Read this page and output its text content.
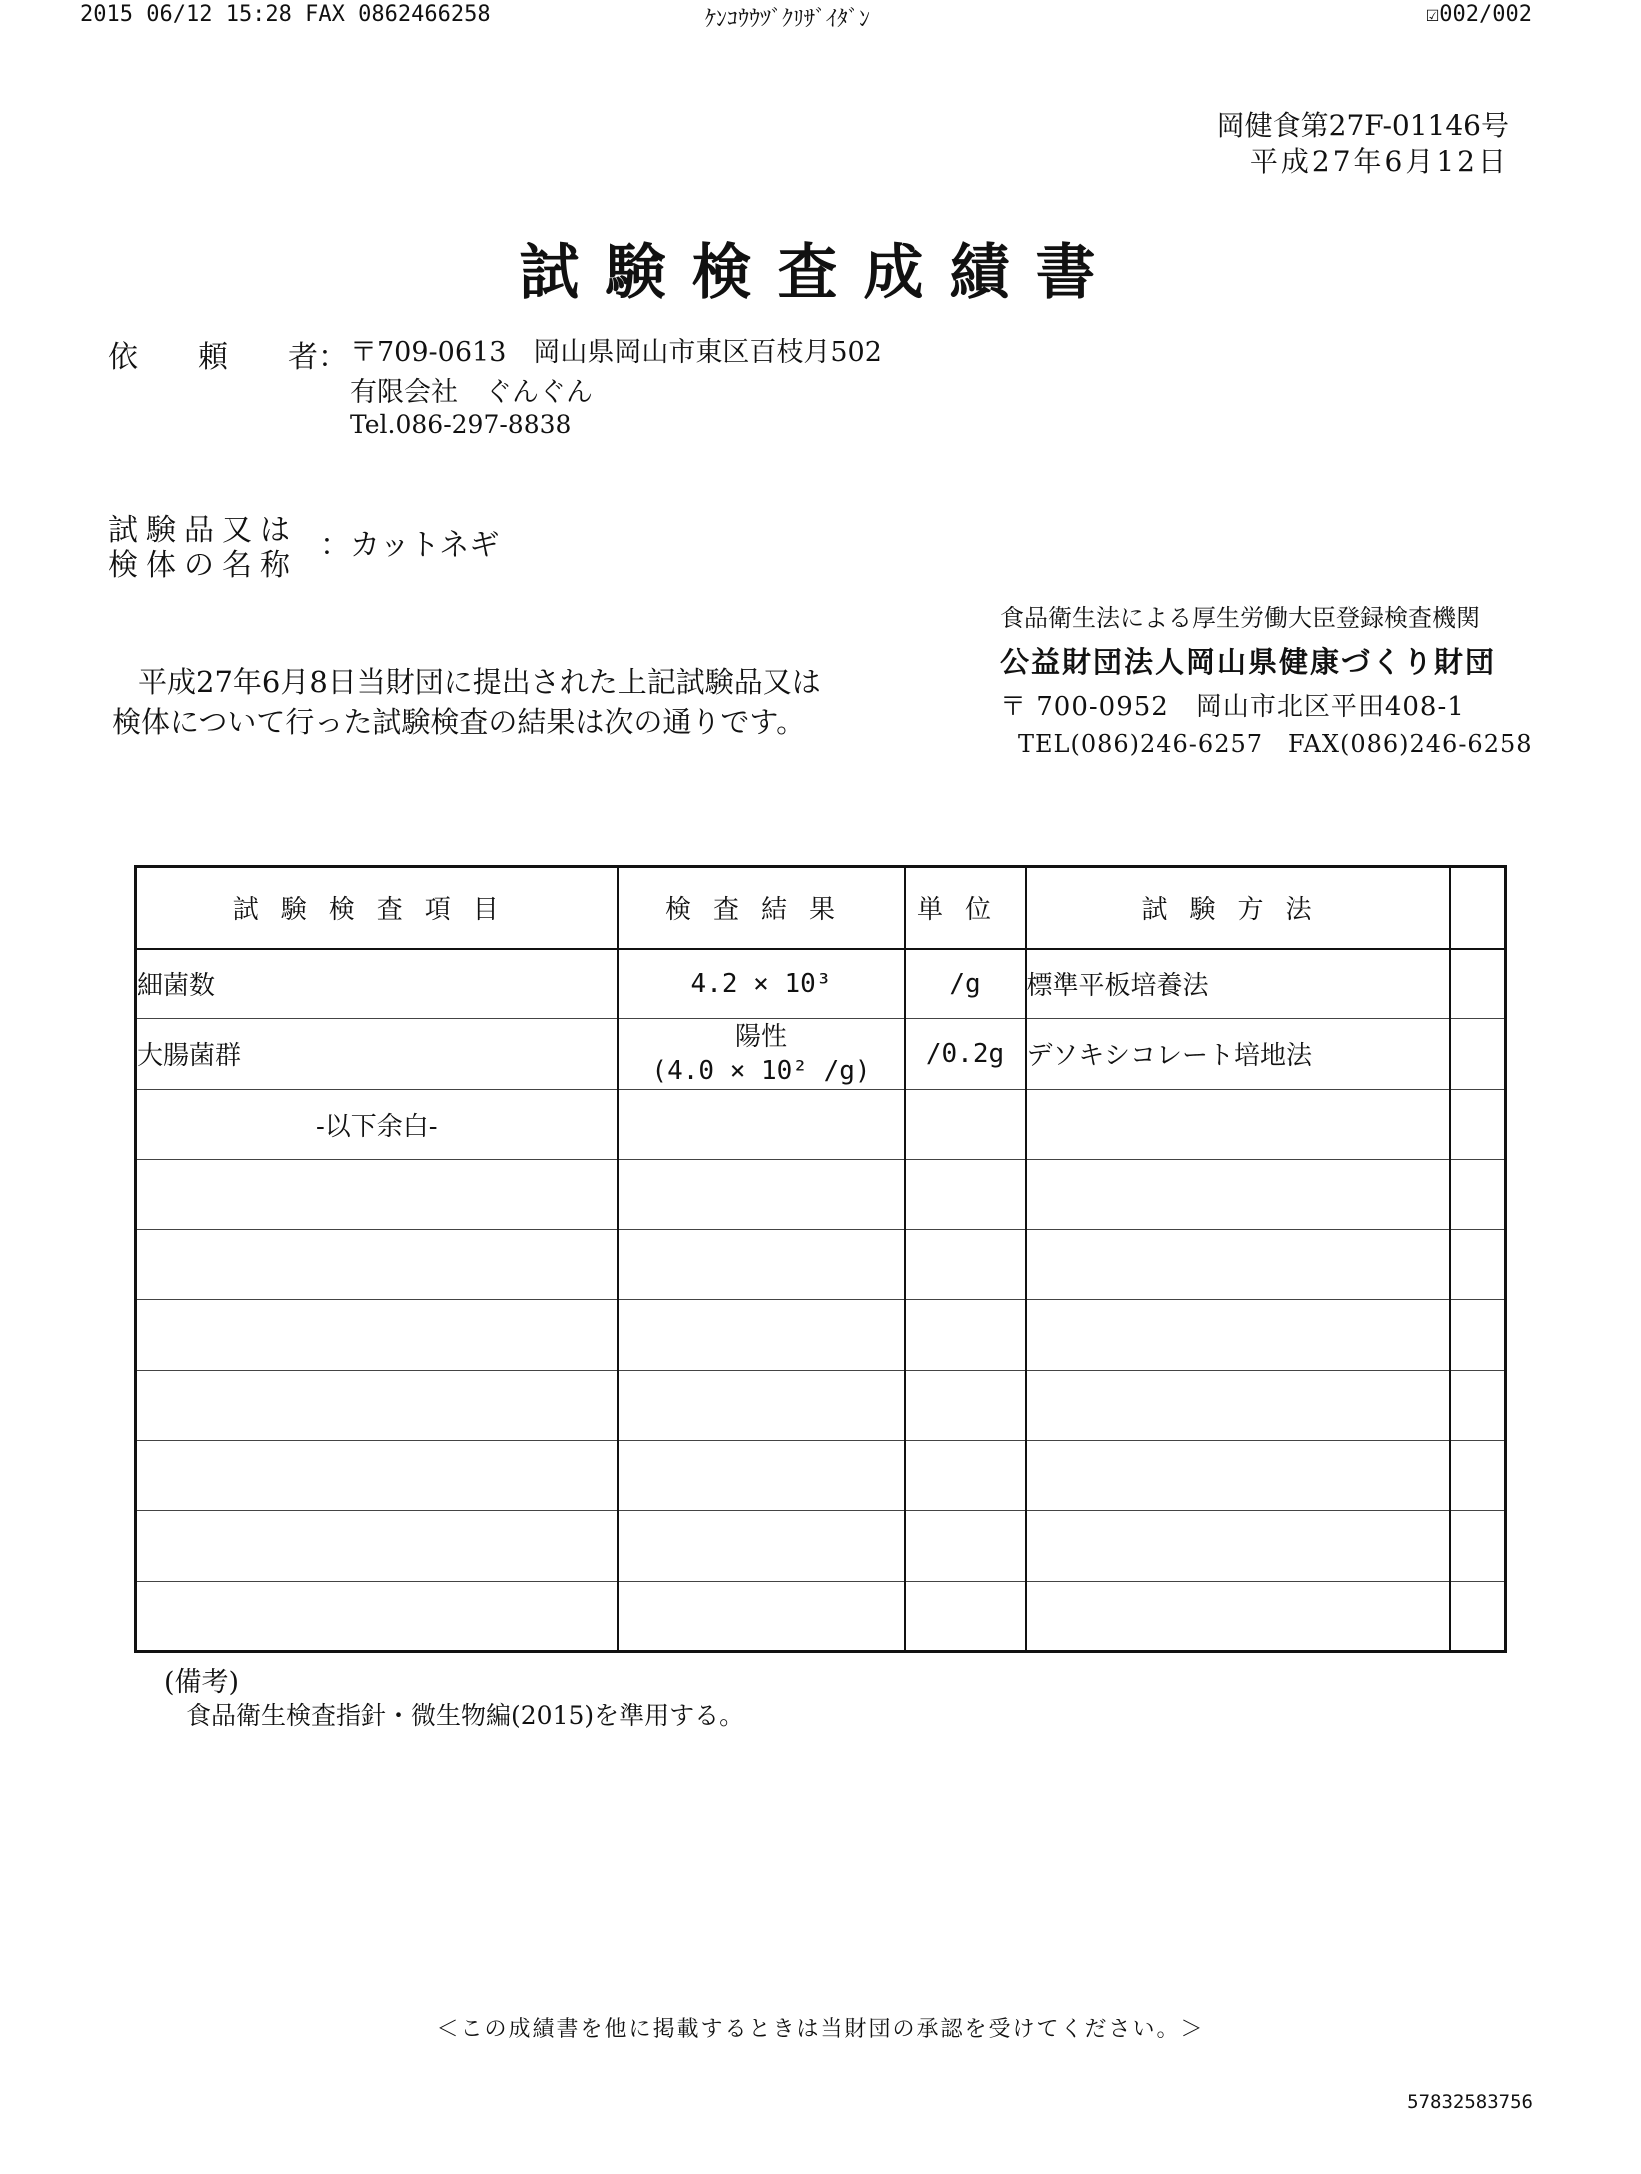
2015 06/12 15:28 FAX 0862466258	ｹﾝｺｳｳﾂﾞｸﾘｻﾞｲﾀﾞﾝ	☑002/002
岡健食第27F-01146号
平成27年6月12日
試験検査成績書
依　　頼　　者： 〒709-0613　岡山県岡山市東区百枝月502
有限会社　ぐんぐん
Tel.086-297-8838
試験品又は
検体の名称
：カットネギ
平成27年6月8日当財団に提出された上記試験品又は
検体について行った試験検査の結果は次の通りです。
食品衛生法による厚生労働大臣登録検査機関
公益財団法人岡山県健康づくり財団
〒 700-0952　岡山市北区平田408-1
TEL(086)246-6257　FAX(086)246-6258
試験検査項目	検査結果	単位	試験方法	
細菌数	4.2 × 10³	/g	標準平板培養法	
大腸菌群	陽性
(4.0 × 10² /g)	/0.2g	デソキシコレート培地法	
-以下余白-				

(備考)
食品衛生検査指針・微生物編(2015)を準用する。
＜この成績書を他に掲載するときは当財団の承認を受けてください。＞
57832583756
